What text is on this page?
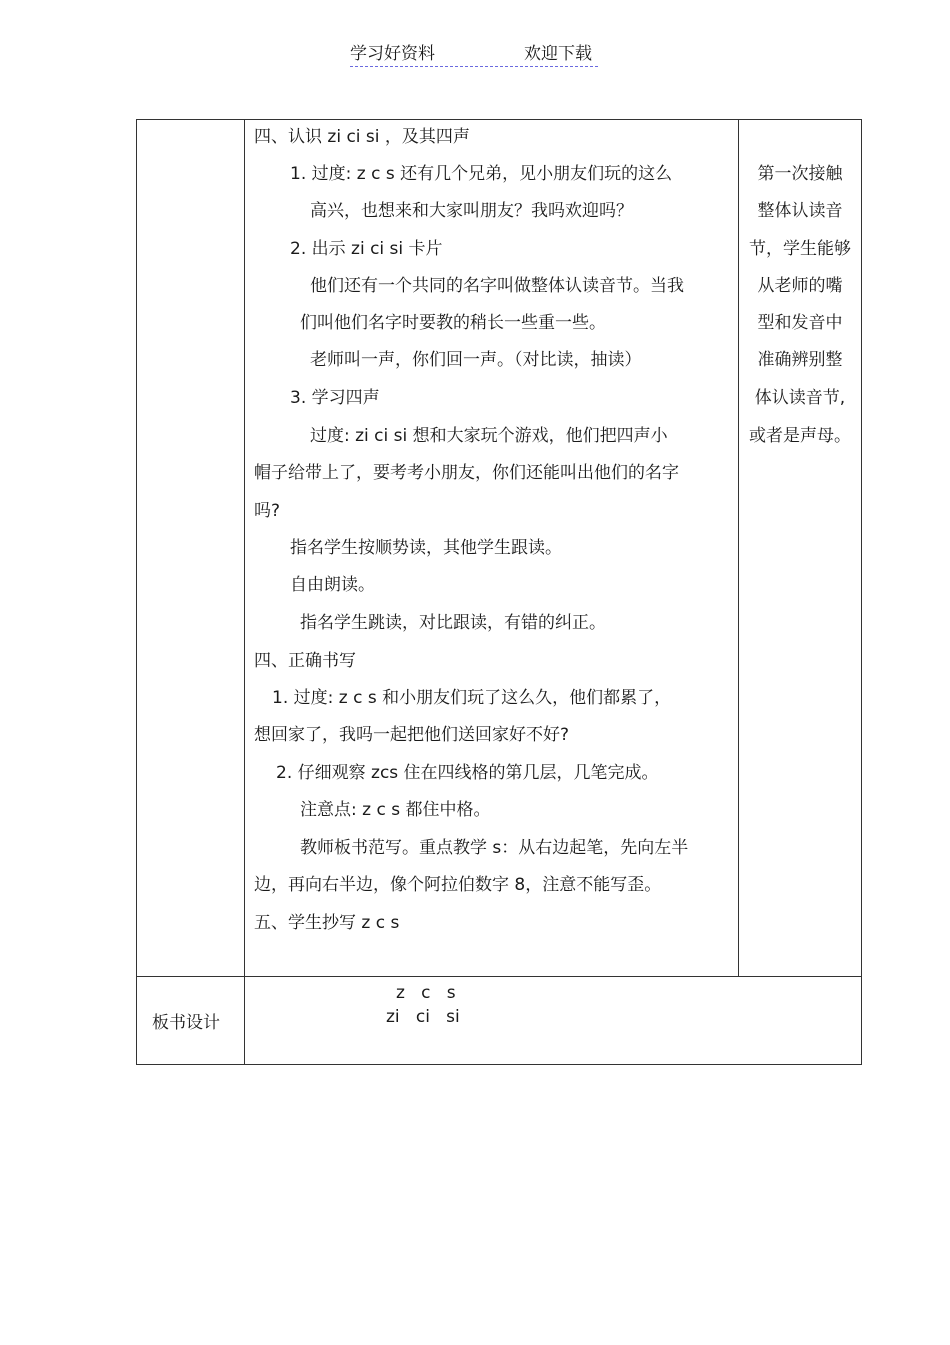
学习好资料	欢迎下载
四、认识 zi ci si ，及其四声
1. 过度: z c s 还有几个兄弟，见小朋友们玩的这么
高兴，也想来和大家叫朋友？我吗欢迎吗？
2. 出示 zi ci si 卡片
他们还有一个共同的名字叫做整体认读音节。当我
们叫他们名字时要教的稍长一些重一些。
老师叫一声，你们回一声。（对比读，抽读）
3. 学习四声
过度: zi ci si 想和大家玩个游戏，他们把四声小
帽子给带上了，要考考小朋友，你们还能叫出他们的名字
吗?
指名学生按顺势读，其他学生跟读。
自由朗读。
指名学生跳读，对比跟读，有错的纠正。
四、正确书写
1. 过度: z c s 和小朋友们玩了这么久，他们都累了，
想回家了，我吗一起把他们送回家好不好?
2. 仔细观察 zcs 住在四线格的第几层，几笔完成。
注意点: z c s 都住中格。
教师板书范写。重点教学 s：从右边起笔，先向左半
边，再向右半边，像个阿拉伯数字 8，注意不能写歪。
五、学生抄写 z c s
第一次接触
整体认读音
节，学生能够
从老师的嘴
型和发音中
准确辨别整
体认读音节,
或者是声母。
板书设计
z   c   s
zi   ci   si
